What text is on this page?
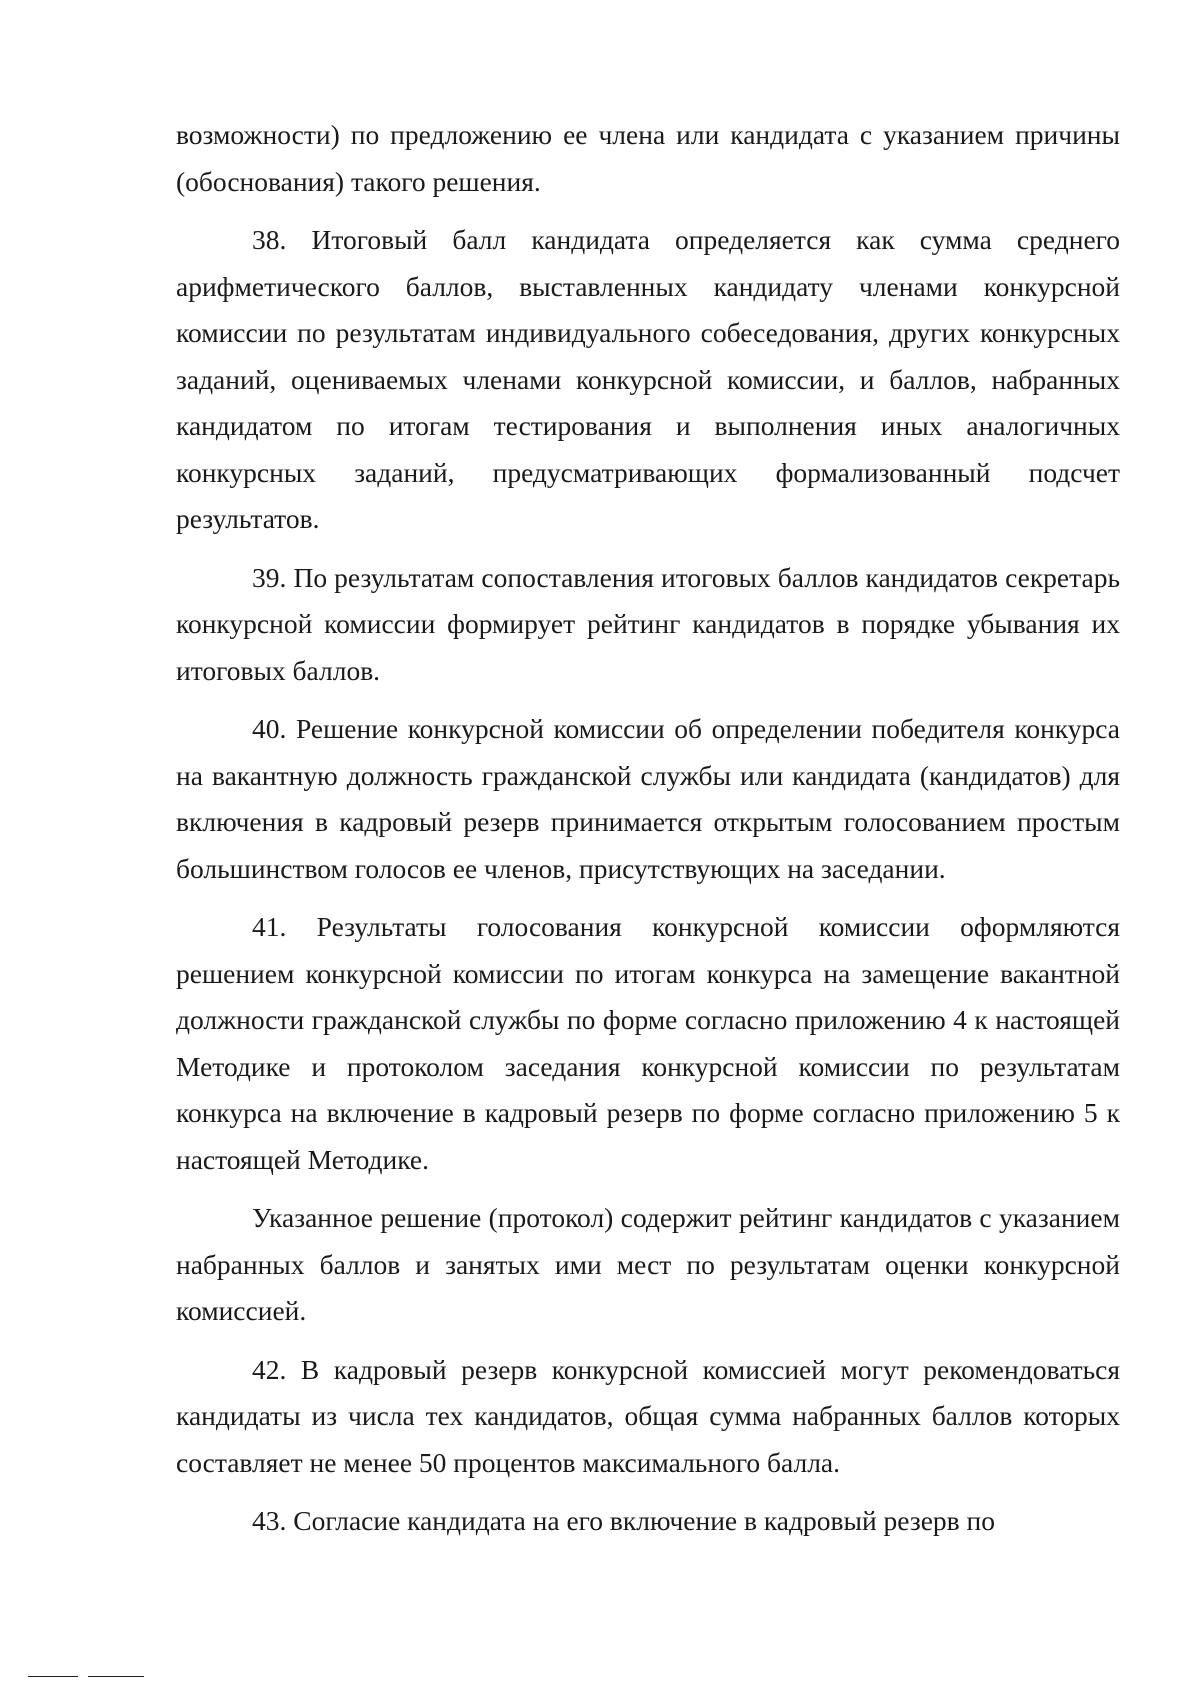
возможности) по предложению ее члена или кандидата с указанием причины (обоснования) такого решения.

38. Итоговый балл кандидата определяется как сумма среднего арифметического баллов, выставленных кандидату членами конкурсной комиссии по результатам индивидуального собеседования, других конкурсных заданий, оцениваемых членами конкурсной комиссии, и баллов, набранных кандидатом по итогам тестирования и выполнения иных аналогичных конкурсных заданий, предусматривающих формализованный подсчет результатов.

39. По результатам сопоставления итоговых баллов кандидатов секретарь конкурсной комиссии формирует рейтинг кандидатов в порядке убывания их итоговых баллов.

40. Решение конкурсной комиссии об определении победителя конкурса на вакантную должность гражданской службы или кандидата (кандидатов) для включения в кадровый резерв принимается открытым голосованием простым большинством голосов ее членов, присутствующих на заседании.

41. Результаты голосования конкурсной комиссии оформляются решением конкурсной комиссии по итогам конкурса на замещение вакантной должности гражданской службы по форме согласно приложению 4 к настоящей Методике и протоколом заседания конкурсной комиссии по результатам конкурса на включение в кадровый резерв по форме согласно приложению 5 к настоящей Методике.

Указанное решение (протокол) содержит рейтинг кандидатов с указанием набранных баллов и занятых ими мест по результатам оценки конкурсной комиссией.

42. В кадровый резерв конкурсной комиссией могут рекомендоваться кандидаты из числа тех кандидатов, общая сумма набранных баллов которых составляет не менее 50 процентов максимального балла.

43. Согласие кандидата на его включение в кадровый резерв по
